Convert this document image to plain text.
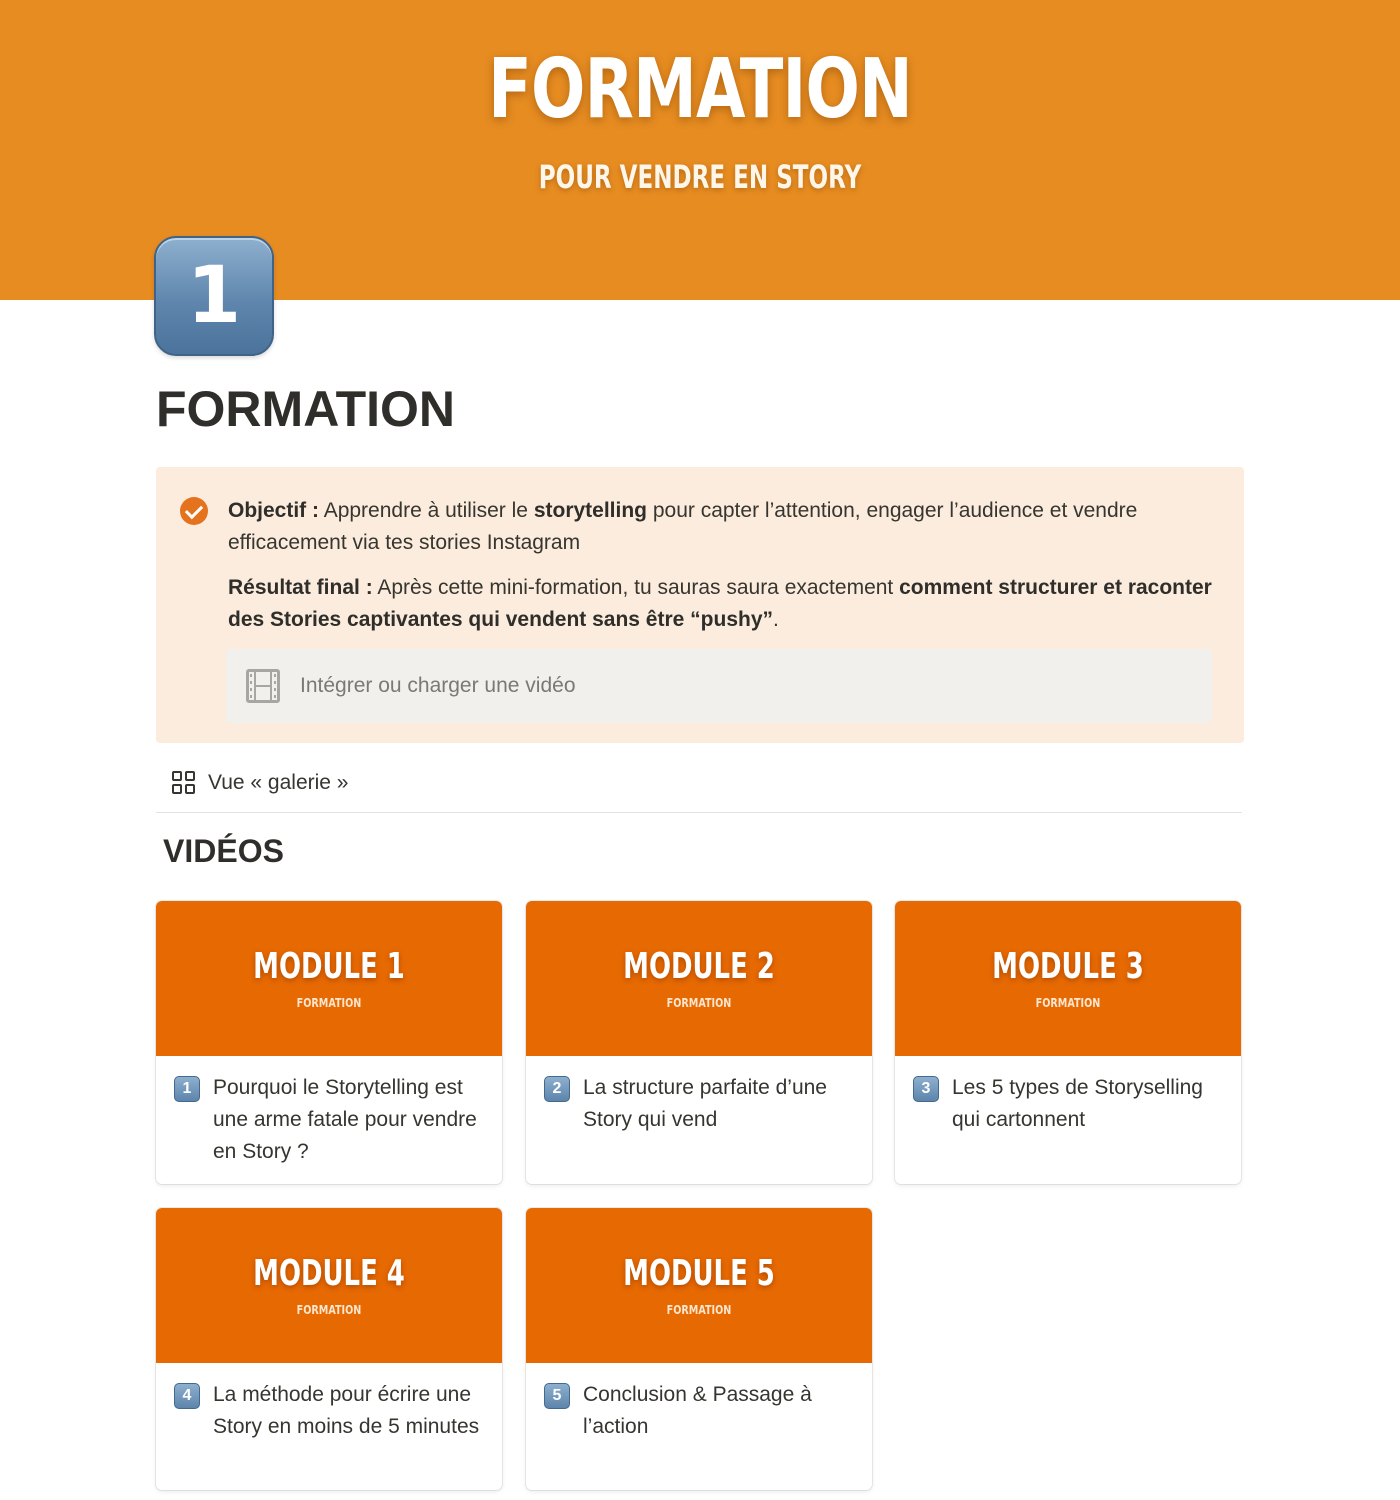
FORMATION
POUR VENDRE EN STORY
1
FORMATION

Objectif : Apprendre à utiliser le storytelling pour capter l’attention, engager l’audience et vendre efficacement via tes stories Instagram

Résultat final : Après cette mini-formation, tu sauras saura exactement comment structurer et raconter des Stories captivantes qui vendent sans être “pushy”.

Intégrer ou charger une vidéo
Vue « galerie »
VIDÉOS
MODULE 1
FORMATION
1	Pourquoi le Storytelling est une arme fatale pour vendre en Story ?
MODULE 2
FORMATION
2	La structure parfaite d’une Story qui vend
MODULE 3
FORMATION
3	Les 5 types de Storyselling qui cartonnent
MODULE 4
FORMATION
4	La méthode pour écrire une Story en moins de 5 minutes
MODULE 5
FORMATION
5	Conclusion & Passage à l’action
